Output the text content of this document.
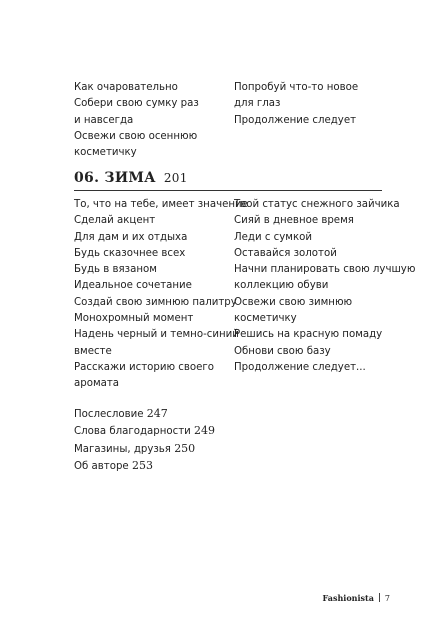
Как очаровательно
Собери свою сумку раз
и навсегда
Освежи свою осеннюю
косметичку
Попробуй что-то новое
для глаз
Продолжение следует
06. ЗИМА 201
То, что на тебе, имеет значение
Сделай акцент
Для дам и их отдыха
Будь сказочнее всех
Будь в вязаном
Идеальное сочетание
Создай свою зимнюю палитру
Монохромный момент
Надень черный и темно-синий
вместе
Расскажи историю своего
аромата
Твой статус снежного зайчика
Сияй в дневное время
Леди с сумкой
Оставайся золотой
Начни планировать свою лучшую
коллекцию обуви
Освежи свою зимнюю
косметичку
Решись на красную помаду
Обнови свою базу
Продолжение следует...
Послесловие 247
Слова благодарности 249
Магазины, друзья 250
Об авторе 253
Fashionista 7
